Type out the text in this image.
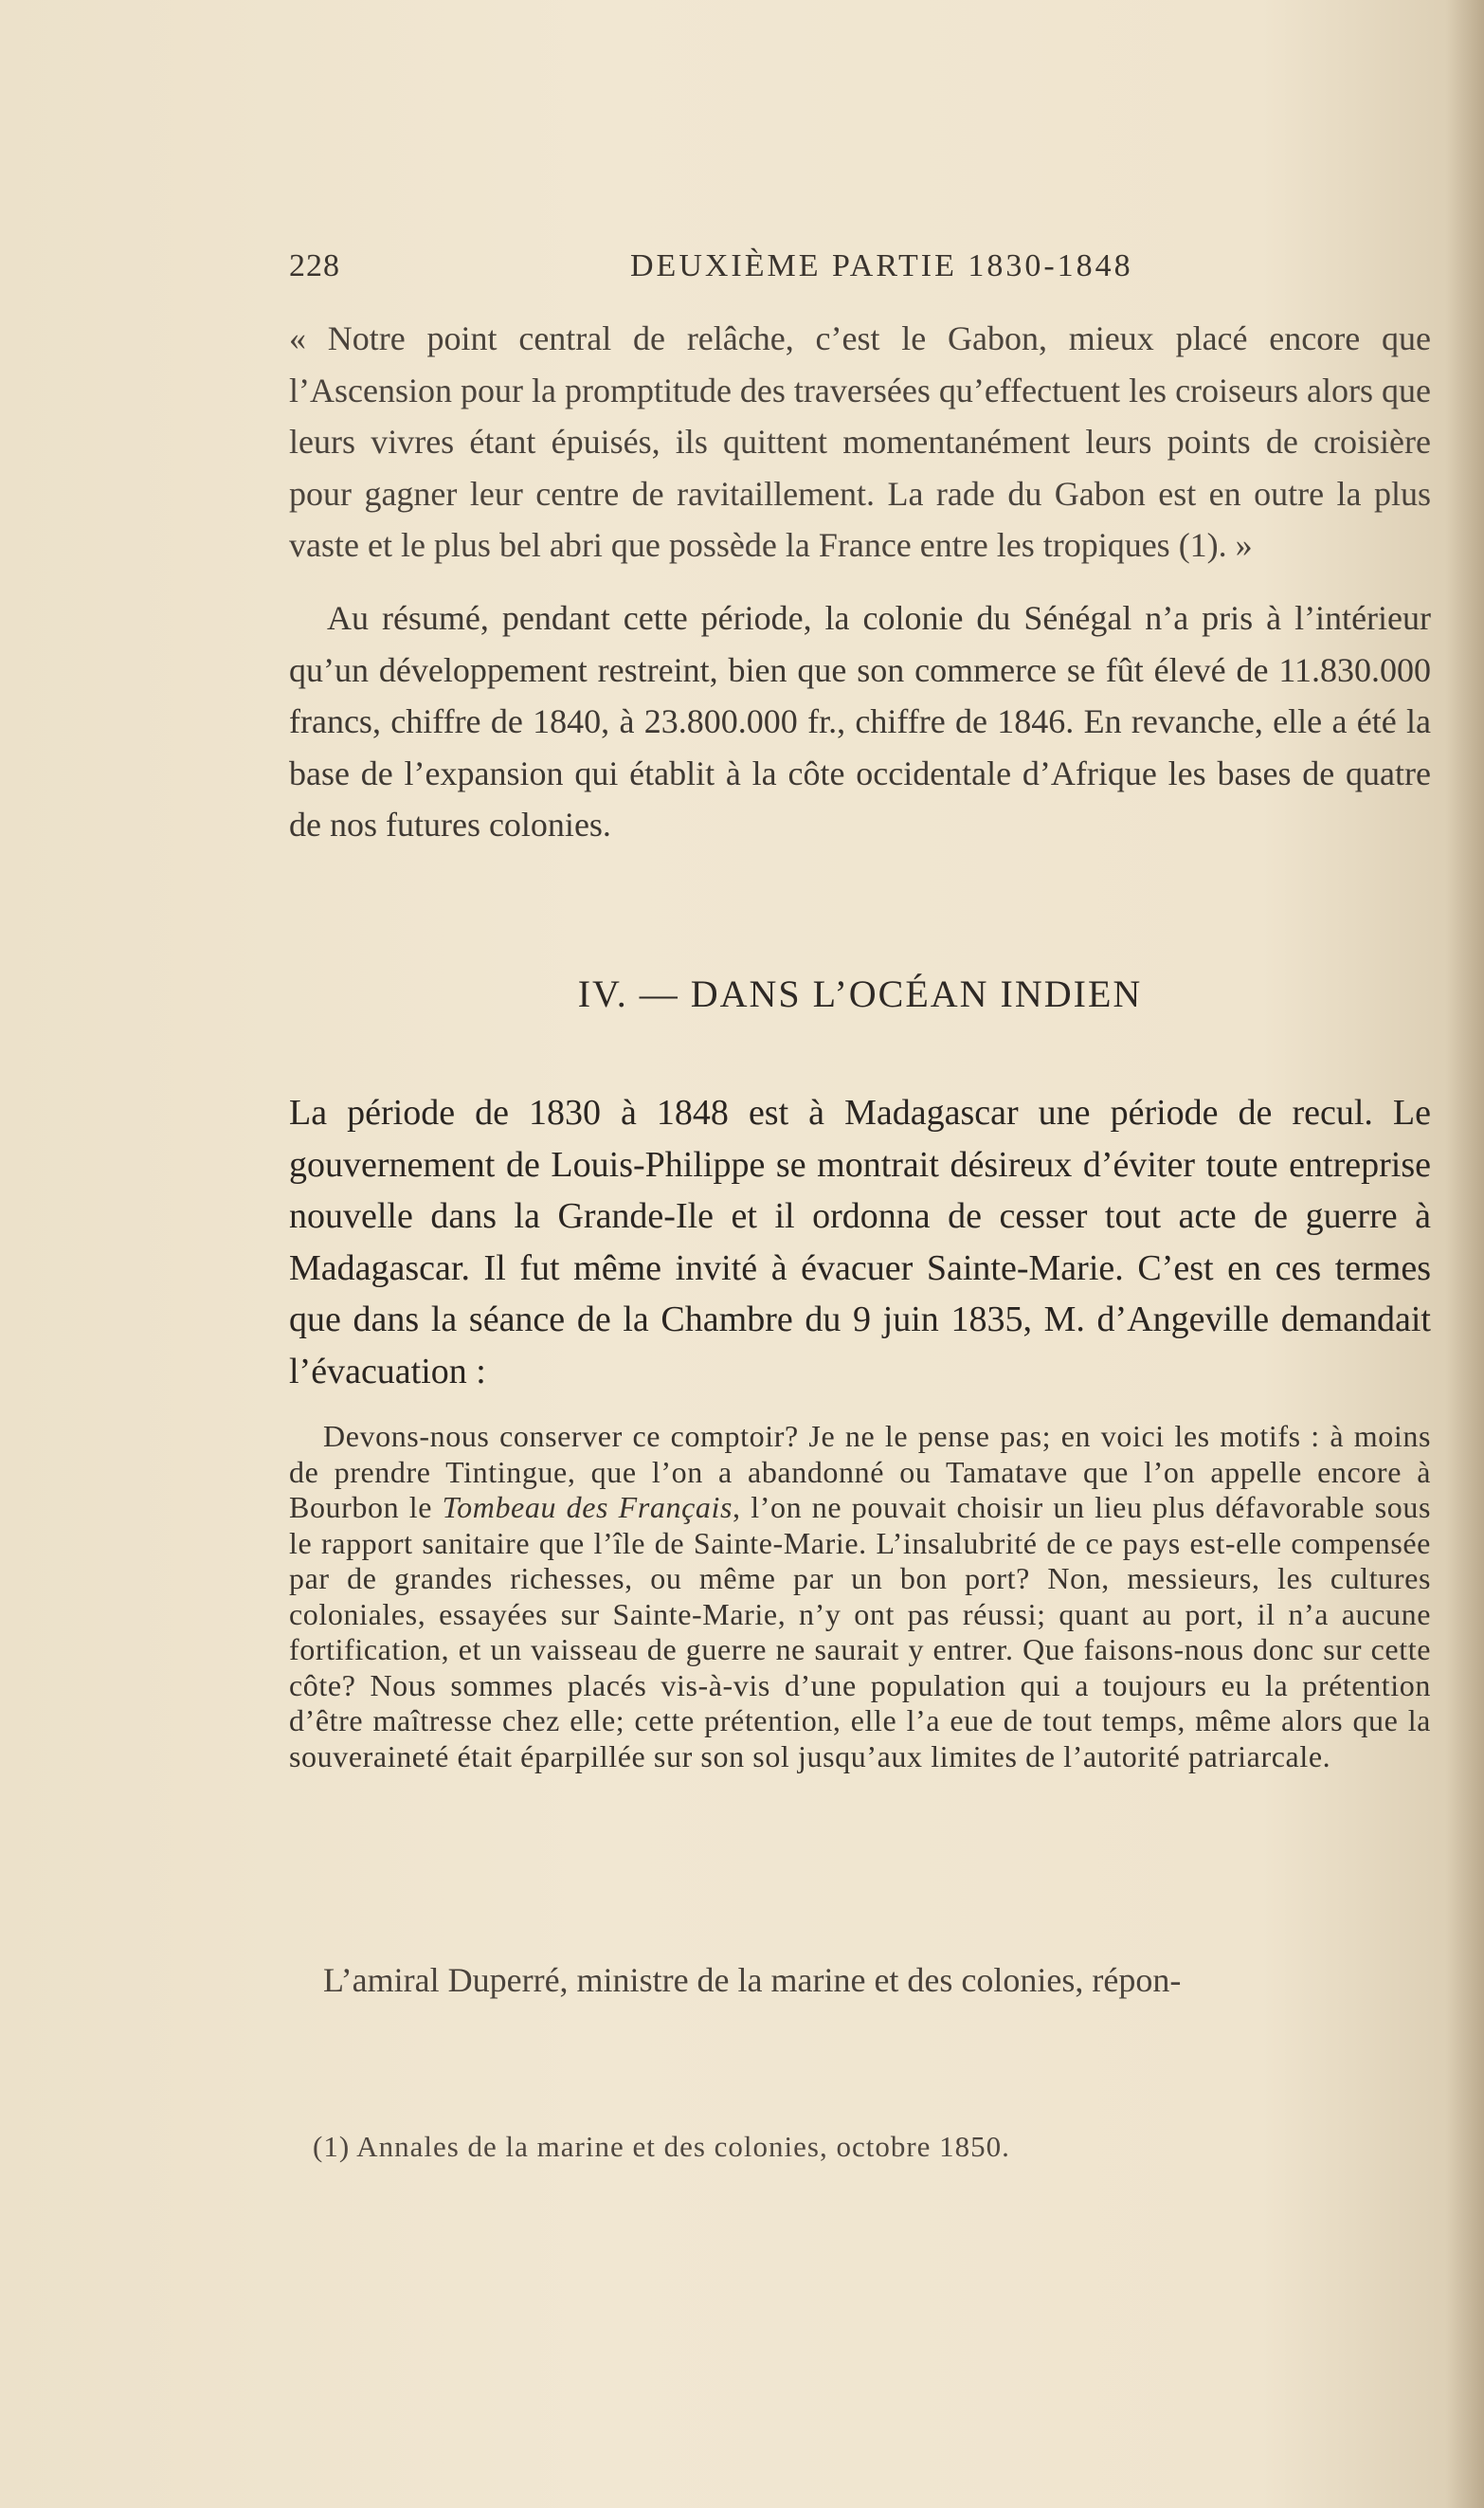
228	DEUXIÈME PARTIE 1830-1848

« Notre point central de relâche, c’est le Gabon, mieux placé encore que l’Ascension pour la promptitude des traversées qu’effectuent les croiseurs alors que leurs vivres étant épuisés, ils quittent momentanément leurs points de croisière pour gagner leur centre de ravitaillement. La rade du Gabon est en outre la plus vaste et le plus bel abri que possède la France entre les tropiques (1). »

Au résumé, pendant cette période, la colonie du Sénégal n’a pris à l’intérieur qu’un développement restreint, bien que son commerce se fût élevé de 11.830.000 francs, chiffre de 1840, à 23.800.000 fr., chiffre de 1846. En revanche, elle a été la base de l’expansion qui établit à la côte occidentale d’Afrique les bases de quatre de nos futures colonies.

IV. — DANS L’OCÉAN INDIEN

La période de 1830 à 1848 est à Madagascar une période de recul. Le gouvernement de Louis-Philippe se montrait désireux d’éviter toute entreprise nouvelle dans la Grande-Ile et il ordonna de cesser tout acte de guerre à Madagascar. Il fut même invité à évacuer Sainte-Marie. C’est en ces termes que dans la séance de la Chambre du 9 juin 1835, M. d’Angeville demandait l’évacuation :

Devons-nous conserver ce comptoir? Je ne le pense pas; en voici les motifs : à moins de prendre Tintingue, que l’on a abandonné ou Tamatave que l’on appelle encore à Bourbon le Tombeau des Français, l’on ne pouvait choisir un lieu plus défavorable sous le rapport sanitaire que l’île de Sainte-Marie. L’insalubrité de ce pays est-elle compensée par de grandes richesses, ou même par un bon port? Non, messieurs, les cultures coloniales, essayées sur Sainte-Marie, n’y ont pas réussi; quant au port, il n’a aucune fortification, et un vaisseau de guerre ne saurait y entrer. Que faisons-nous donc sur cette côte? Nous sommes placés vis-à-vis d’une population qui a toujours eu la prétention d’être maîtresse chez elle; cette prétention, elle l’a eue de tout temps, même alors que la souveraineté était éparpillée sur son sol jusqu’aux limites de l’autorité patriarcale.

L’amiral Duperré, ministre de la marine et des colonies, répon-

(1) Annales de la marine et des colonies, octobre 1850.
